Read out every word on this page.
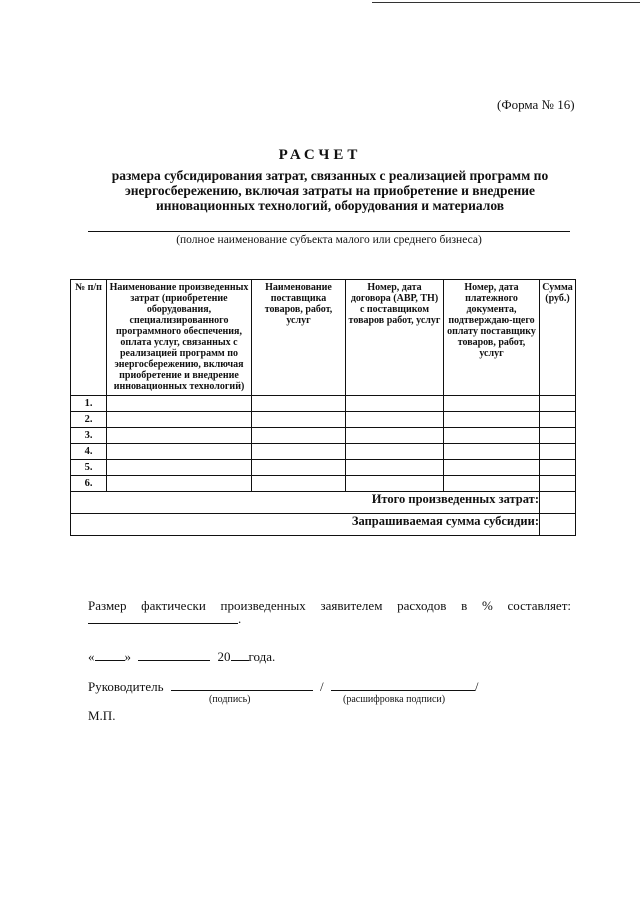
(Форма № 16)
РАСЧЕТ
размера субсидирования затрат, связанных с реализацией программ по энергосбережению, включая затраты на приобретение и внедрение инновационных технологий, оборудования и материалов
(полное наименование субъекта малого или среднего бизнеса)
№ п/п	Наименование произведенных затрат (приобретение оборудования, специализированного программного обеспечения, оплата услуг, связанных с реализацией программ по энергосбережению, включая приобретение и внедрение инновационных технологий)	Наименование поставщика товаров, работ, услуг	Номер, дата договора (АВР, ТН) с поставщиком товаров работ, услуг	Номер, дата платежного документа, подтверждаю-щего оплату поставщику товаров, работ, услуг	Сумма (руб.)
1.					
2.					
3.					
4.					
5.					
6.					
Итого произведенных затрат:					
Запрашиваемая сумма субсидии:					
Размер фактически произведенных заявителем расходов в % составляет:
.
« »	20 года.
Руководитель	/	/
(подпись)	(расшифровка подписи)
М.П.
